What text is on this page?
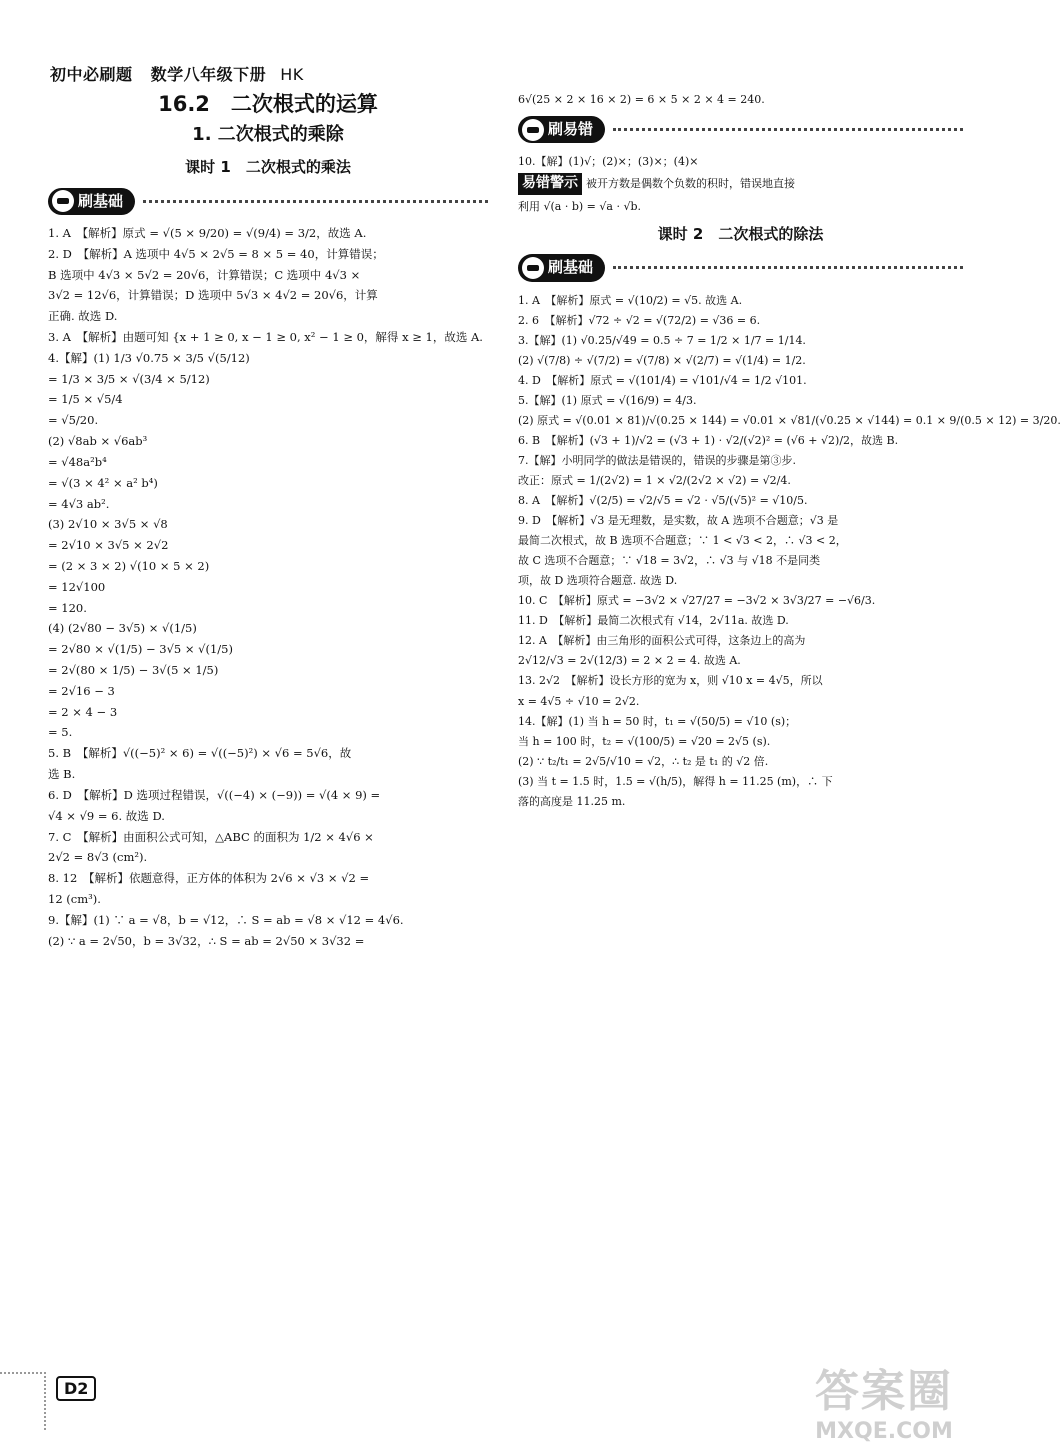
初中必刷题 数学八年级下册 HK
16.2　二次根式的运算
1. 二次根式的乘除
课时 1　二次根式的乘法
刷基础
1. A　【解析】原式 = √(5 × 9/20) = √(9/4) = 3/2，故选 A.
2. D　【解析】A 选项中 4√5 × 2√5 = 8 × 5 = 40，计算错误；
B 选项中 4√3 × 5√2 = 20√6，计算错误；C 选项中 4√3 ×
3√2 = 12√6，计算错误；D 选项中 5√3 × 4√2 = 20√6，计算
正确. 故选 D.
3. A　【解析】由题可知 {x + 1 ≥ 0, x − 1 ≥ 0, x² − 1 ≥ 0，解得 x ≥ 1，故选 A.
4.【解】(1) 1/3 √0.75 × 3/5 √(5/12)
= 1/3 × 3/5 × √(3/4 × 5/12)
= 1/5 × √5/4
= √5/20.
(2) √8ab × √6ab³
= √48a²b⁴
= √(3 × 4² × a² b⁴)
= 4√3 ab².
(3) 2√10 × 3√5 × √8
= 2√10 × 3√5 × 2√2
= (2 × 3 × 2) √(10 × 5 × 2)
= 12√100
= 120.
(4) (2√80 − 3√5) × √(1/5)
= 2√80 × √(1/5) − 3√5 × √(1/5)
= 2√(80 × 1/5) − 3√(5 × 1/5)
= 2√16 − 3
= 2 × 4 − 3
= 5.
5. B　【解析】√((−5)² × 6) = √((−5)²) × √6 = 5√6，故
选 B.
6. D　【解析】D 选项过程错误，√((−4) × (−9)) = √(4 × 9) =
√4 × √9 = 6. 故选 D.
7. C　【解析】由面积公式可知，△ABC 的面积为 1/2 × 4√6 ×
2√2 = 8√3 (cm²).
8. 12　【解析】依题意得，正方体的体积为 2√6 × √3 × √2 =
12 (cm³).
9.【解】(1) ∵ a = √8，b = √12，∴ S = ab = √8 × √12 = 4√6.
(2) ∵ a = 2√50，b = 3√32，∴ S = ab = 2√50 × 3√32 =
6√(25 × 2 × 16 × 2) = 6 × 5 × 2 × 4 = 240.
刷易错
10.【解】(1)√；(2)×；(3)×；(4)×
易错警示 被开方数是偶数个负数的积时，错误地直接
利用 √(a · b) = √a · √b.
课时 2　二次根式的除法
刷基础
1. A　【解析】原式 = √(10/2) = √5. 故选 A.
2. 6　【解析】√72 ÷ √2 = √(72/2) = √36 = 6.
3.【解】(1) √0.25/√49 = 0.5 ÷ 7 = 1/2 × 1/7 = 1/14.
(2) √(7/8) ÷ √(7/2) = √(7/8) × √(2/7) = √(1/4) = 1/2.
4. D　【解析】原式 = √(101/4) = √101/√4 = 1/2 √101.
5.【解】(1) 原式 = √(16/9) = 4/3.
(2) 原式 = √(0.01 × 81)/√(0.25 × 144) = √0.01 × √81/(√0.25 × √144) = 0.1 × 9/(0.5 × 12) = 3/20.
6. B　【解析】(√3 + 1)/√2 = (√3 + 1) · √2/(√2)² = (√6 + √2)/2，故选 B.
7.【解】小明同学的做法是错误的，错误的步骤是第③步.
改正：原式 = 1/(2√2) = 1 × √2/(2√2 × √2) = √2/4.
8. A　【解析】√(2/5) = √2/√5 = √2 · √5/(√5)² = √10/5.
9. D　【解析】√3 是无理数，是实数，故 A 选项不合题意；√3 是
最简二次根式，故 B 选项不合题意；∵ 1 < √3 < 2，∴ √3 < 2，
故 C 选项不合题意；∵ √18 = 3√2，∴ √3 与 √18 不是同类
项，故 D 选项符合题意. 故选 D.
10. C　【解析】原式 = −3√2 × √27/27 = −3√2 × 3√3/27 = −√6/3.
11. D　【解析】最简二次根式有 √14，2√11a. 故选 D.
12. A　【解析】由三角形的面积公式可得，这条边上的高为
2√12/√3 = 2√(12/3) = 2 × 2 = 4. 故选 A.
13. 2√2　【解析】设长方形的宽为 x，则 √10 x = 4√5，所以
x = 4√5 ÷ √10 = 2√2.
14.【解】(1) 当 h = 50 时，t₁ = √(50/5) = √10 (s)；
当 h = 100 时，t₂ = √(100/5) = √20 = 2√5 (s).
(2) ∵ t₂/t₁ = 2√5/√10 = √2，∴ t₂ 是 t₁ 的 √2 倍.
(3) 当 t = 1.5 时，1.5 = √(h/5)，解得 h = 11.25 (m)，∴ 下
落的高度是 11.25 m.
D2	答案圈
MXQE.COM
